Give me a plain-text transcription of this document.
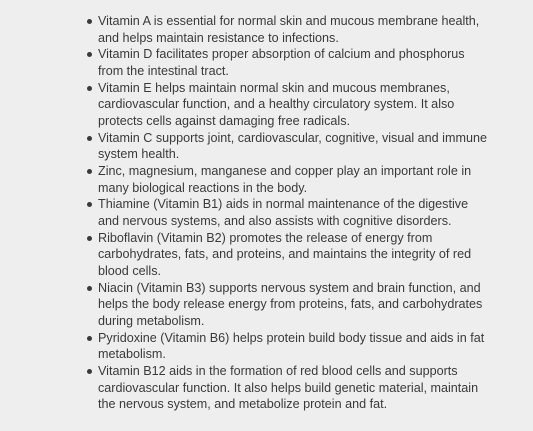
Vitamin A is essential for normal skin and mucous membrane health, and helps maintain resistance to infections.
Vitamin D facilitates proper absorption of calcium and phosphorus from the intestinal tract.
Vitamin E helps maintain normal skin and mucous membranes, cardiovascular function, and a healthy circulatory system. It also protects cells against damaging free radicals.
Vitamin C supports joint, cardiovascular, cognitive, visual and immune system health.
Zinc, magnesium, manganese and copper play an important role in many biological reactions in the body.
Thiamine (Vitamin B1) aids in normal maintenance of the digestive and nervous systems, and also assists with cognitive disorders.
Riboflavin (Vitamin B2) promotes the release of energy from carbohydrates, fats, and proteins, and maintains the integrity of red blood cells.
Niacin (Vitamin B3) supports nervous system and brain function, and helps the body release energy from proteins, fats, and carbohydrates during metabolism.
Pyridoxine (Vitamin B6) helps protein build body tissue and aids in fat metabolism.
Vitamin B12 aids in the formation of red blood cells and supports cardiovascular function. It also helps build genetic material, maintain the nervous system, and metabolize protein and fat.
